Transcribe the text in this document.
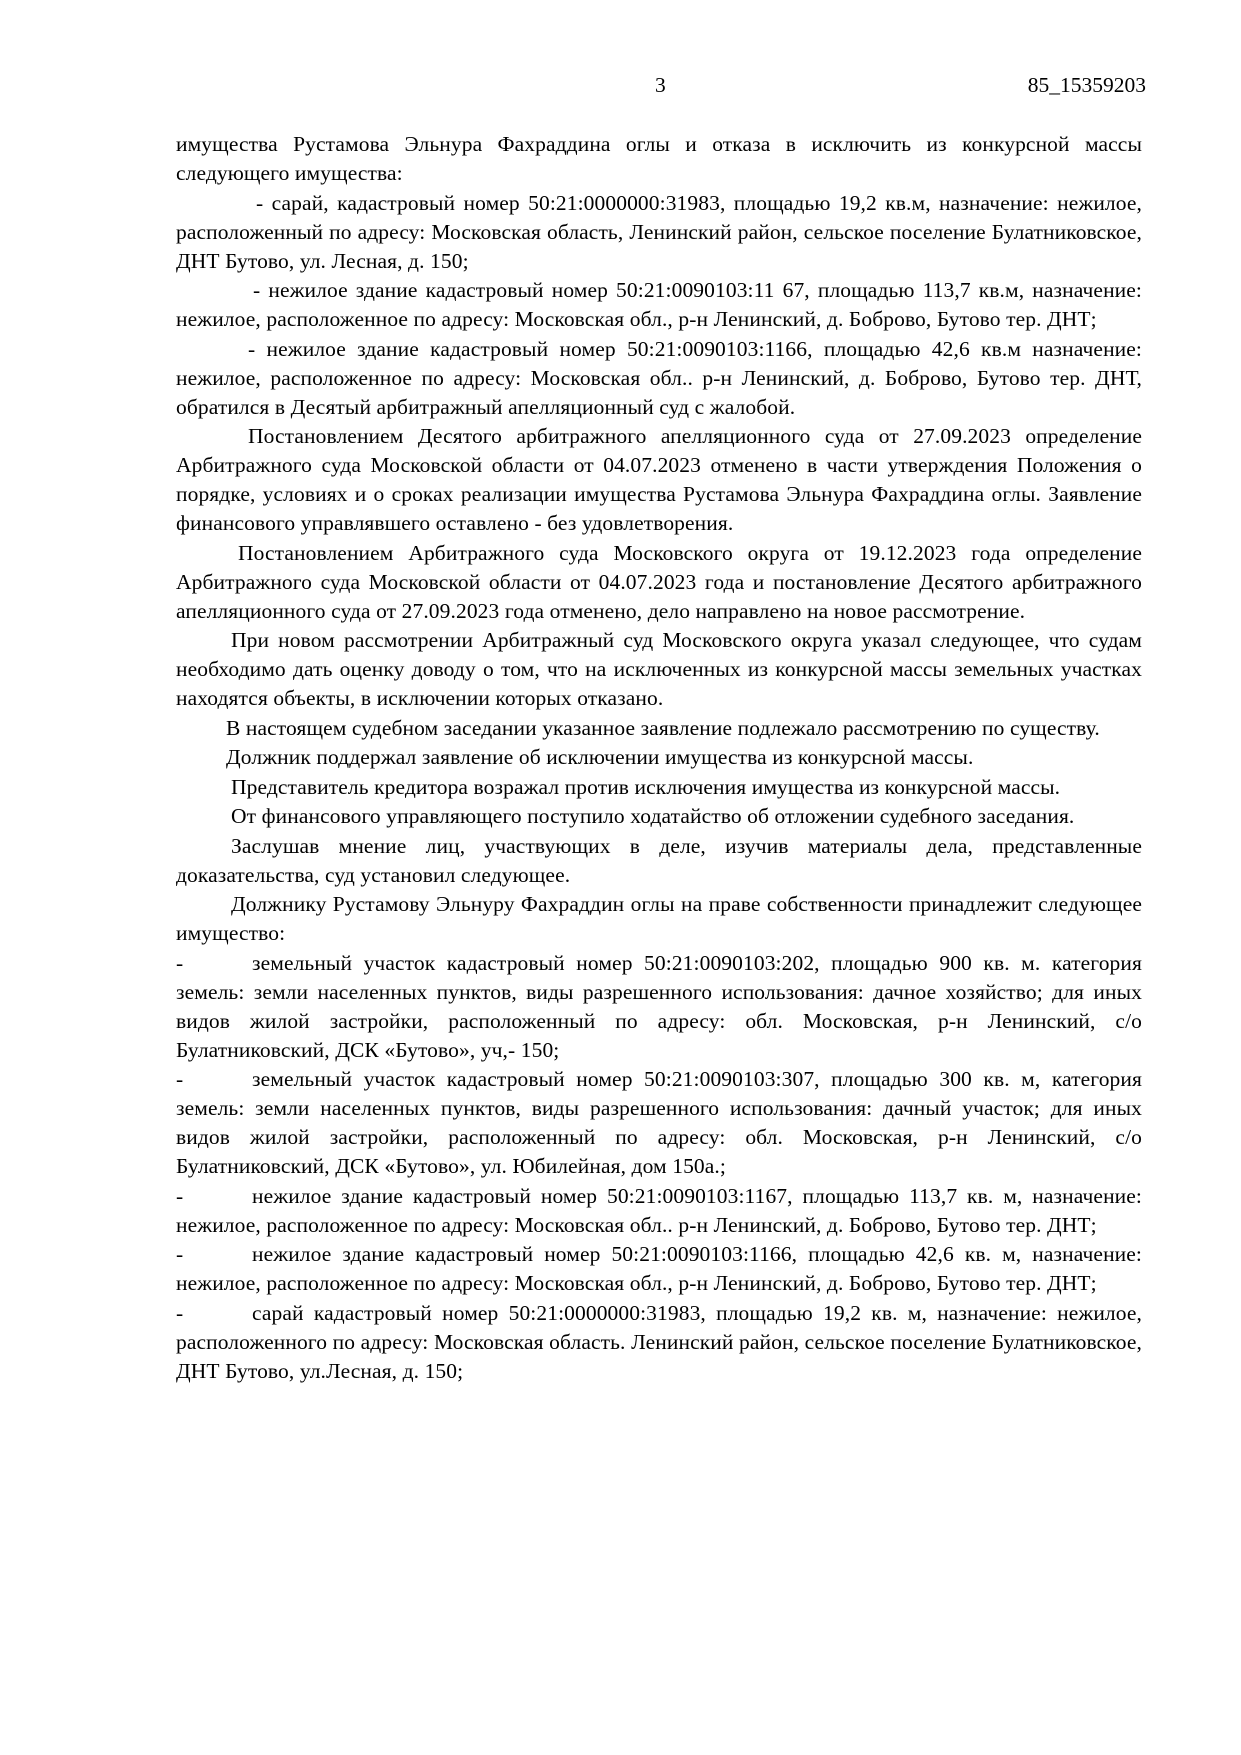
3	85_15359203

имущества Рустамова Эльнура Фахраддина оглы и отказа в исключить из конкурсной массы следующего имущества:

- сарай, кадастровый номер 50:21:0000000:31983, площадью 19,2 кв.м, назначение: нежилое, расположенный по адресу: Московская область, Ленинский район, сельское поселение Булатниковское, ДНТ Бутово, ул. Лесная, д. 150;

- нежилое здание кадастровый номер 50:21:0090103:11 67, площадью 113,7 кв.м, назначение: нежилое, расположенное по адресу: Московская обл., р-н Ленинский, д. Боброво, Бутово тер. ДНТ;

- нежилое здание кадастровый номер 50:21:0090103:1166, площадью 42,6 кв.м назначение: нежилое, расположенное по адресу: Московская обл.. р-н Ленинский, д. Боброво, Бутово тер. ДНТ, обратился в Десятый арбитражный апелляционный суд с жалобой.

Постановлением Десятого арбитражного апелляционного суда от 27.09.2023 определение Арбитражного суда Московской области от 04.07.2023 отменено в части утверждения Положения о порядке, условиях и о сроках реализации имущества Рустамова Эльнура Фахраддина оглы. Заявление финансового управлявшего оставлено - без удовлетворения.

Постановлением Арбитражного суда Московского округа от 19.12.2023 года определение Арбитражного суда Московской области от 04.07.2023 года и постановление Десятого арбитражного апелляционного суда от 27.09.2023 года отменено, дело направлено на новое рассмотрение.

При новом рассмотрении Арбитражный суд Московского округа указал следующее, что судам необходимо дать оценку доводу о том, что на исключенных из конкурсной массы земельных участках находятся объекты, в исключении которых отказано.

В настоящем судебном заседании указанное заявление подлежало рассмотрению по существу.

Должник поддержал заявление об исключении имущества из конкурсной массы.

Представитель кредитора возражал против исключения имущества из конкурсной массы.

От финансового управляющего поступило ходатайство об отложении судебного заседания.

Заслушав мнение лиц, участвующих в деле, изучив материалы дела, представленные доказательства, суд установил следующее.

Должнику Рустамову Эльнуру Фахраддин оглы на праве собственности принадлежит следующее имущество:

-	земельный участок кадастровый номер 50:21:0090103:202, площадью 900 кв. м. категория земель: земли населенных пунктов, виды разрешенного использования: дачное хозяйство; для иных видов жилой застройки, расположенный по адресу: обл. Московская, р-н Ленинский, с/о Булатниковский, ДСК «Бутово», уч,- 150;

-	земельный участок кадастровый номер 50:21:0090103:307, площадью 300 кв. м, категория земель: земли населенных пунктов, виды разрешенного использования: дачный участок; для иных видов жилой застройки, расположенный по адресу: обл. Московская, р-н Ленинский, с/о Булатниковский, ДСК «Бутово», ул. Юбилейная, дом 150а.;

-	нежилое здание кадастровый номер 50:21:0090103:1167, площадью 113,7 кв. м, назначение: нежилое, расположенное по адресу: Московская обл.. р-н Ленинский, д. Боброво, Бутово тер. ДНТ;

-	нежилое здание кадастровый номер 50:21:0090103:1166, площадью 42,6 кв. м, назначение: нежилое, расположенное по адресу: Московская обл., р-н Ленинский, д. Боброво, Бутово тер. ДНТ;

-	сарай кадастровый номер 50:21:0000000:31983, площадью 19,2 кв. м, назначение: нежилое, расположенного по адресу: Московская область. Ленинский район, сельское поселение Булатниковское, ДНТ Бутово, ул.Лесная, д. 150;
